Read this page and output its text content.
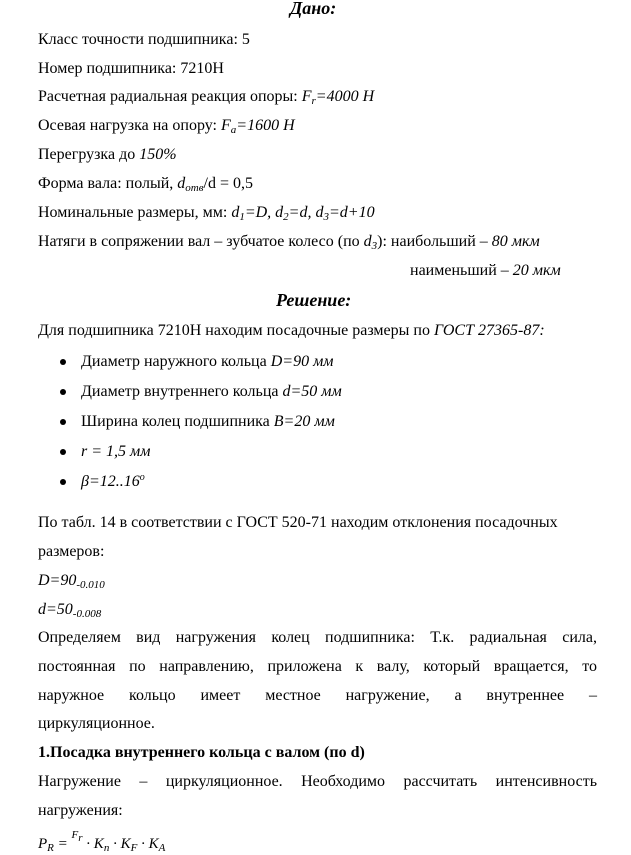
Дано:
Класс точности подшипника: 5
Номер подшипника: 7210H
Расчетная радиальная реакция опоры: $F_r=4000$ H
Осевая нагрузка на опору: $F_a=1600$ H
Перегрузка до 150%
Форма вала: полый, $d_{отв}/d = 0,5$
Номинальные размеры, мм: $d_1=D$, $d_2=d$, $d_3=d+10$
Натяги в сопряжении вал – зубчатое колесо (по $d_3$): наибольший – 80 мкм
наименьший – 20 мкм
Решение:
Для подшипника 7210H находим посадочные размеры по ГОСТ 27365-87:
Диаметр наружного кольца D=90 мм
Диаметр внутреннего кольца d=50 мм
Ширина колец подшипника B=20 мм
r = 1,5 мм
$\beta=12..16^o$
По табл. 14 в соответствии с ГОСТ 520-71 находим отклонения посадочных
размеров:
$D=90_{-0.010}$
$d=50_{-0.008}$
Определяем вид нагружения колец подшипника: Т.к. радиальная сила,
постоянная по направлению, приложена к валу, который вращается, то
наружное кольцо имеет местное нагружение, а внутреннее –
циркуляционное.
1.Посадка внутреннего кольца с валом (по d)
Нагружение – циркуляционное. Необходимо рассчитать интенсивность
нагружения:
$P_R = F_r \cdot K_п \cdot K_F \cdot K_A$
